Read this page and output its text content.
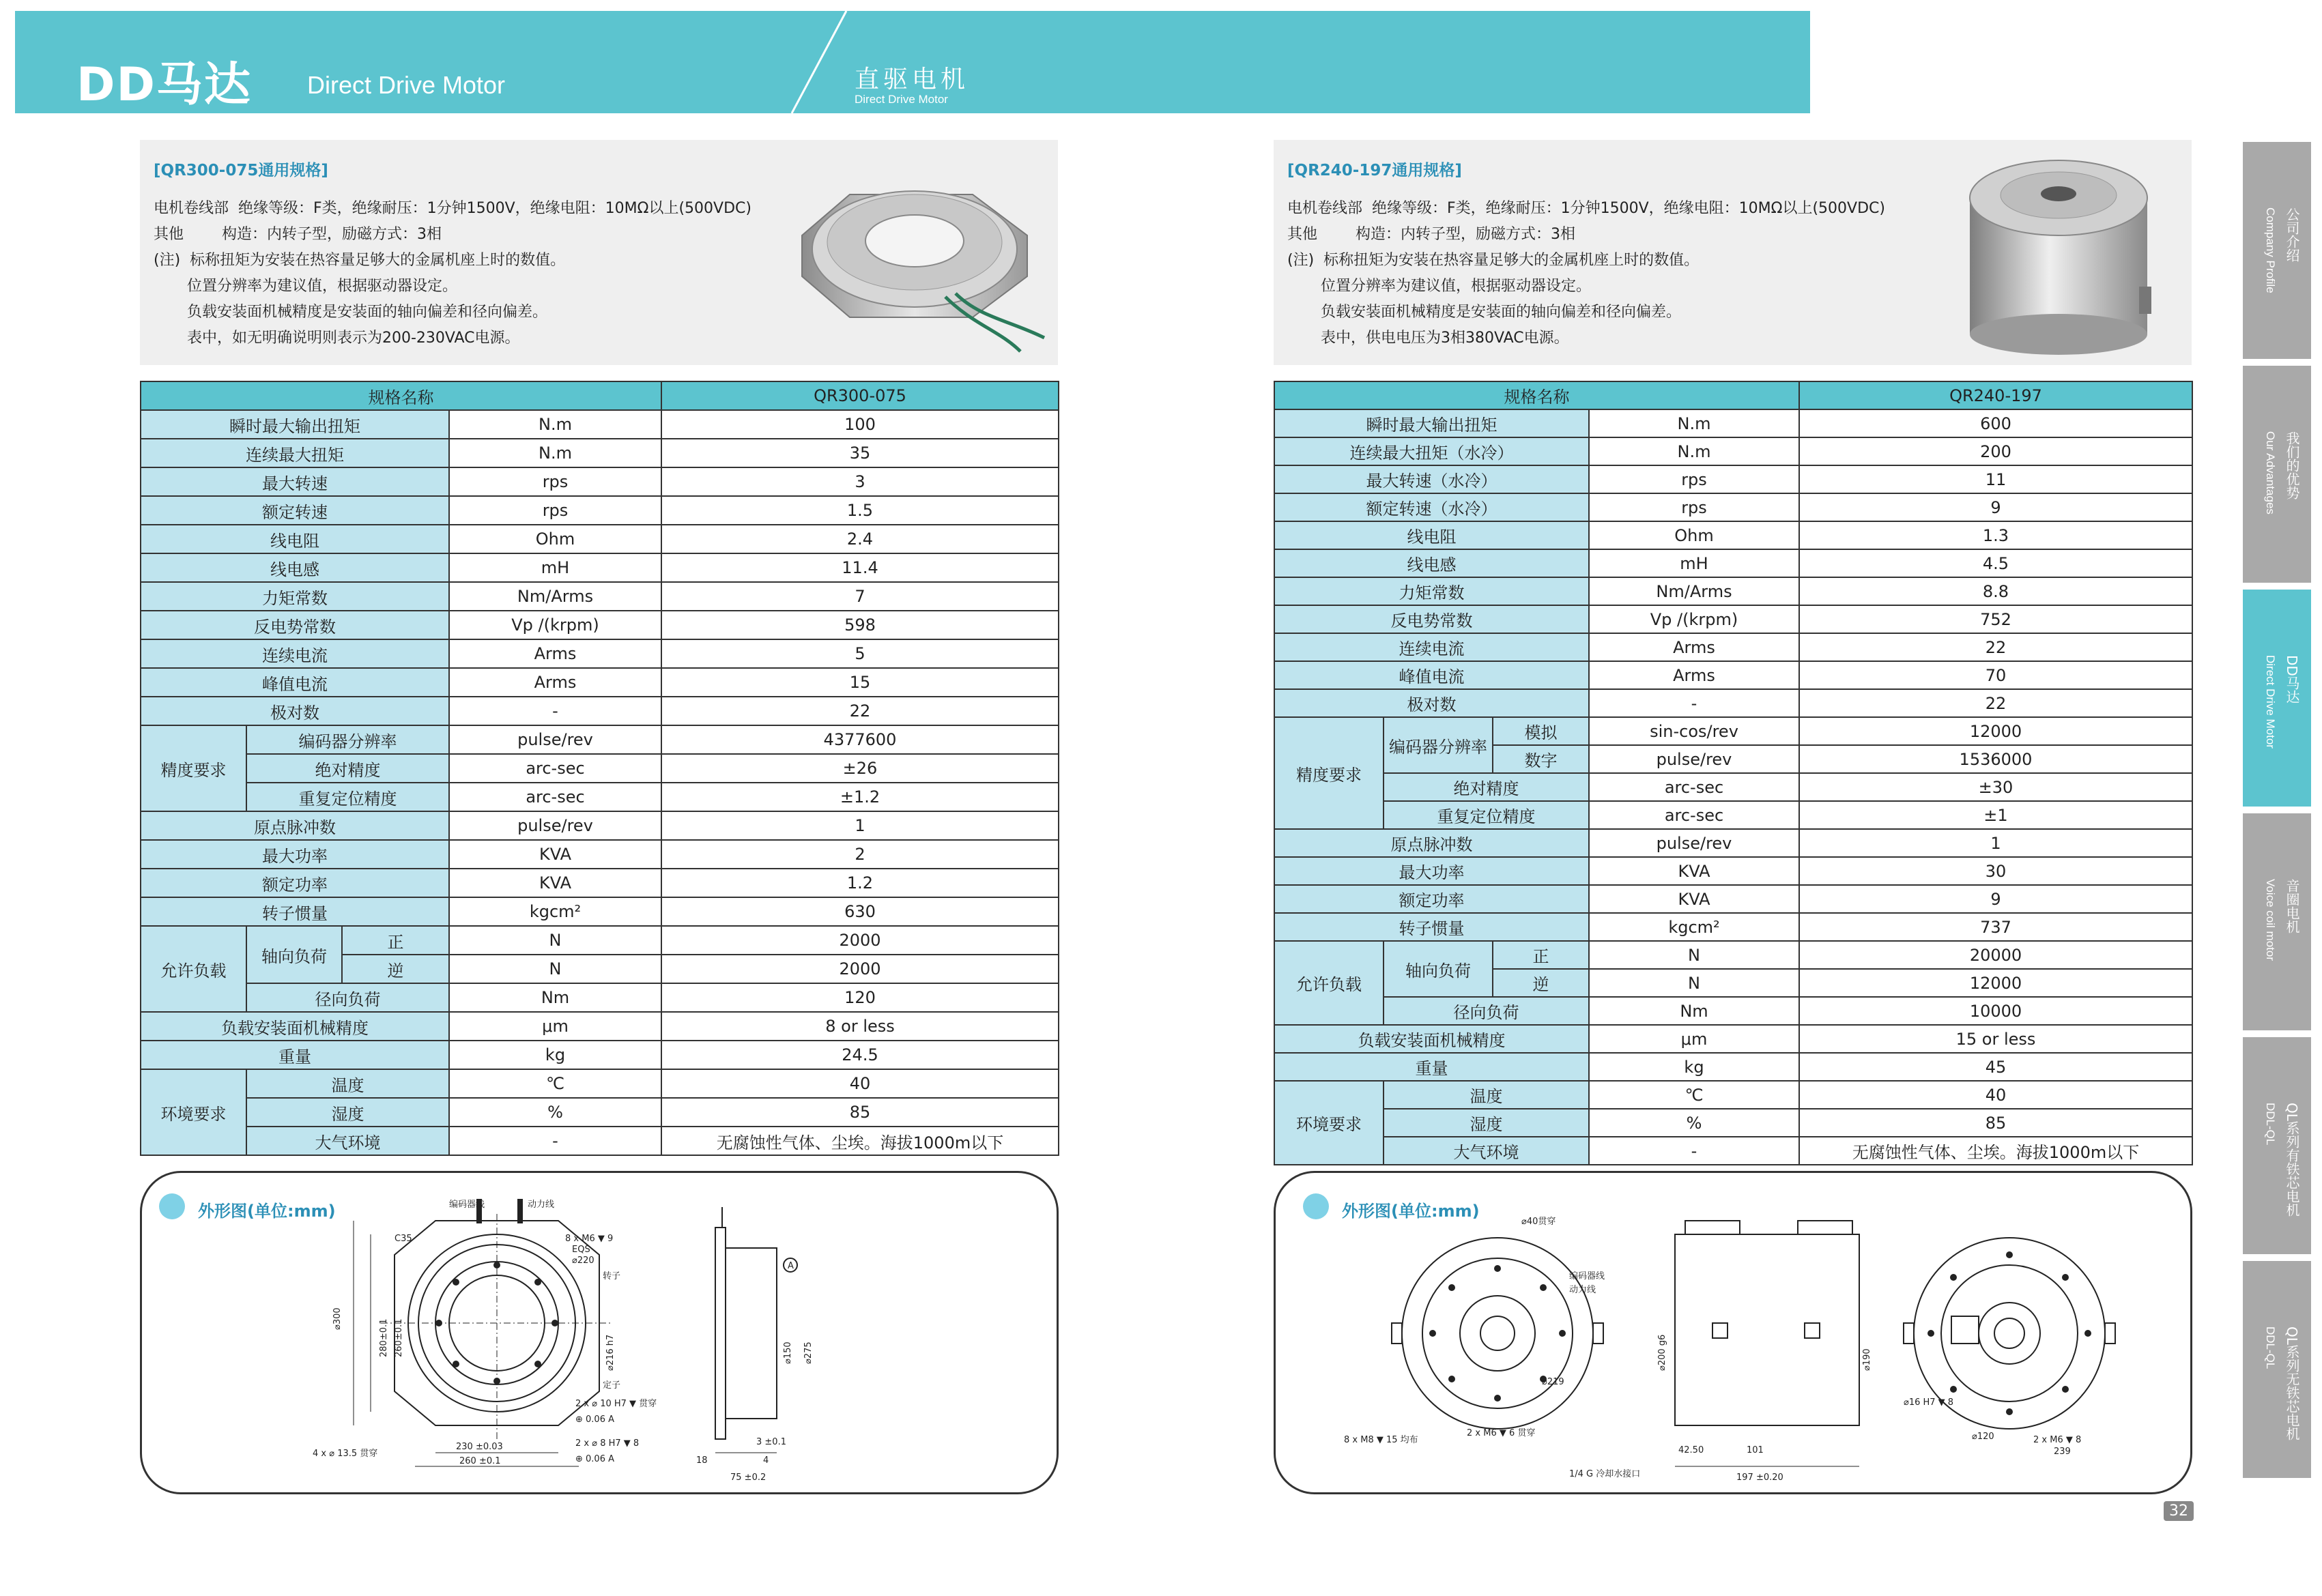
DD马达 Direct Drive Motor	直驱电机
Direct Drive Motor
[QR300-075通用规格]
电机卷线部  绝缘等级：F类，绝缘耐压：1分钟1500V，绝缘电阻：10MΩ以上(500VDC)
其他        构造：内转子型，励磁方式：3相
(注)  标称扭矩为安装在热容量足够大的金属机座上时的数值。
位置分辨率为建议值，根据驱动器设定。
负载安装面机械精度是安装面的轴向偏差和径向偏差。
表中，如无明确说明则表示为200-230VAC电源。
[QR240-197通用规格]
电机卷线部  绝缘等级：F类，绝缘耐压：1分钟1500V，绝缘电阻：10MΩ以上(500VDC)
其他        构造：内转子型，励磁方式：3相
(注)  标称扭矩为安装在热容量足够大的金属机座上时的数值。
位置分辨率为建议值，根据驱动器设定。
负载安装面机械精度是安装面的轴向偏差和径向偏差。
表中，供电电压为3相380VAC电源。
规格名称				QR300-075
瞬时最大输出扭矩			N.m	100
连续最大扭矩			N.m	35
最大转速			rps	3
额定转速			rps	1.5
线电阻			Ohm	2.4
线电感			mH	11.4
力矩常数			Nm/Arms	7
反电势常数			Vp /(krpm)	598
连续电流			Arms	5
峰值电流			Arms	15
极对数			-	22
精度要求	编码器分辨率		pulse/rev	4377600
	绝对精度		arc-sec	±26
	重复定位精度		arc-sec	±1.2
原点脉冲数			pulse/rev	1
最大功率			KVA	2
额定功率			KVA	1.2
转子惯量			kgcm²	630
允许负载	轴向负荷	正	N	2000
		逆	N	2000
	径向负荷		Nm	120
负载安装面机械精度			μm	8 or less
重量			kg	24.5
环境要求	温度		℃	40
	湿度		%	85
	大气环境		-	无腐蚀性气体、尘埃。海拔1000m以下
规格名称				QR240-197
瞬时最大输出扭矩			N.m	600
连续最大扭矩（水冷）			N.m	200
最大转速（水冷）			rps	11
额定转速（水冷）			rps	9
线电阻			Ohm	1.3
线电感			mH	4.5
力矩常数			Nm/Arms	8.8
反电势常数			Vp /(krpm)	752
连续电流			Arms	22
峰值电流			Arms	70
极对数			-	22
精度要求	编码器分辨率	模拟	sin-cos/rev	12000
		数字	pulse/rev	1536000
	绝对精度		arc-sec	±30
	重复定位精度		arc-sec	±1
原点脉冲数			pulse/rev	1
最大功率			KVA	30
额定功率			KVA	9
转子惯量			kgcm²	737
允许负载	轴向负荷	正	N	20000
		逆	N	12000
	径向负荷		Nm	10000
负载安装面机械精度			μm	15 or less
重量			kg	45
环境要求	温度		℃	40
	湿度		%	85
	大气环境		-	无腐蚀性气体、尘埃。海拔1000m以下
外形图(单位:mm)	编码器线	动力线
C35	8 x M6 ▼ 9
EQS
⌀220
转子
⌀300	280±0.1 260±0.1	⌀216 h7	⌀150 ⌀275
定子
2 x ⌀ 10 H7 ▼ 贯穿
⊕ 0.06 A
2 x ⌀ 8 H7 ▼ 8
⊕ 0.06 A
230 ±0.03
260 ±0.1
4 x ⌀ 13.5 贯穿
3 ±0.1
4
18
75 ±0.2
A
外形图(单位:mm)
⌀40贯穿
编码器线
动力线
⌀219
8 x M8 ▼ 15 均布
2 x M6 ▼ 6 贯穿
42.50	101
⌀200 g6	⌀190
197 ±0.20
⌀16 H7 ▼ 8
2 x M6 ▼ 8
239
⌀120
1/4 G 冷却水接口
公司介绍
Company Profile
我们的优势
Our Advantages
DD马达
Direct Drive Motor
音圈电机
Voice coil motor
QL系列有铁芯电机
DDL-QL
QL系列无铁芯电机
DDL-QL
32
